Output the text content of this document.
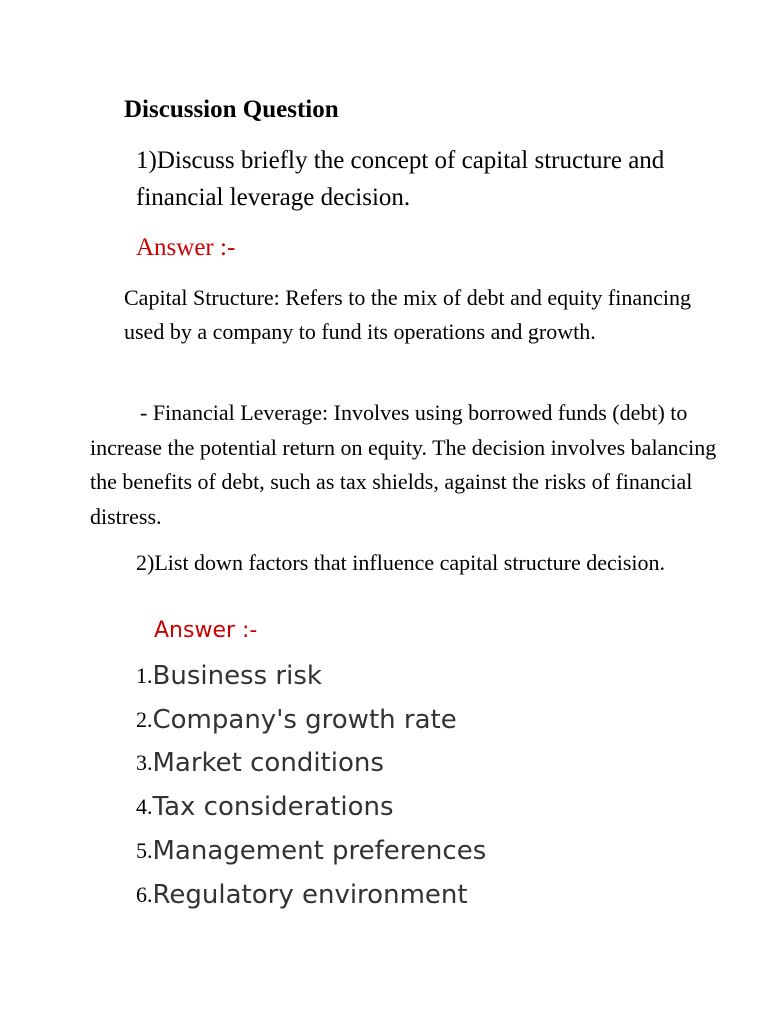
Discussion Question
1)Discuss briefly the concept of capital structure and financial leverage decision.
Answer :-
Capital Structure: Refers to the mix of debt and equity financing used by a company to fund its operations and growth.
- Financial Leverage: Involves using borrowed funds (debt) to increase the potential return on equity. The decision involves balancing the benefits of debt, such as tax shields, against the risks of financial distress.
2)List down factors that influence capital structure decision.
Answer :-
1. Business risk
2. Company's growth rate
3. Market conditions
4. Tax considerations
5. Management preferences
6. Regulatory environment
